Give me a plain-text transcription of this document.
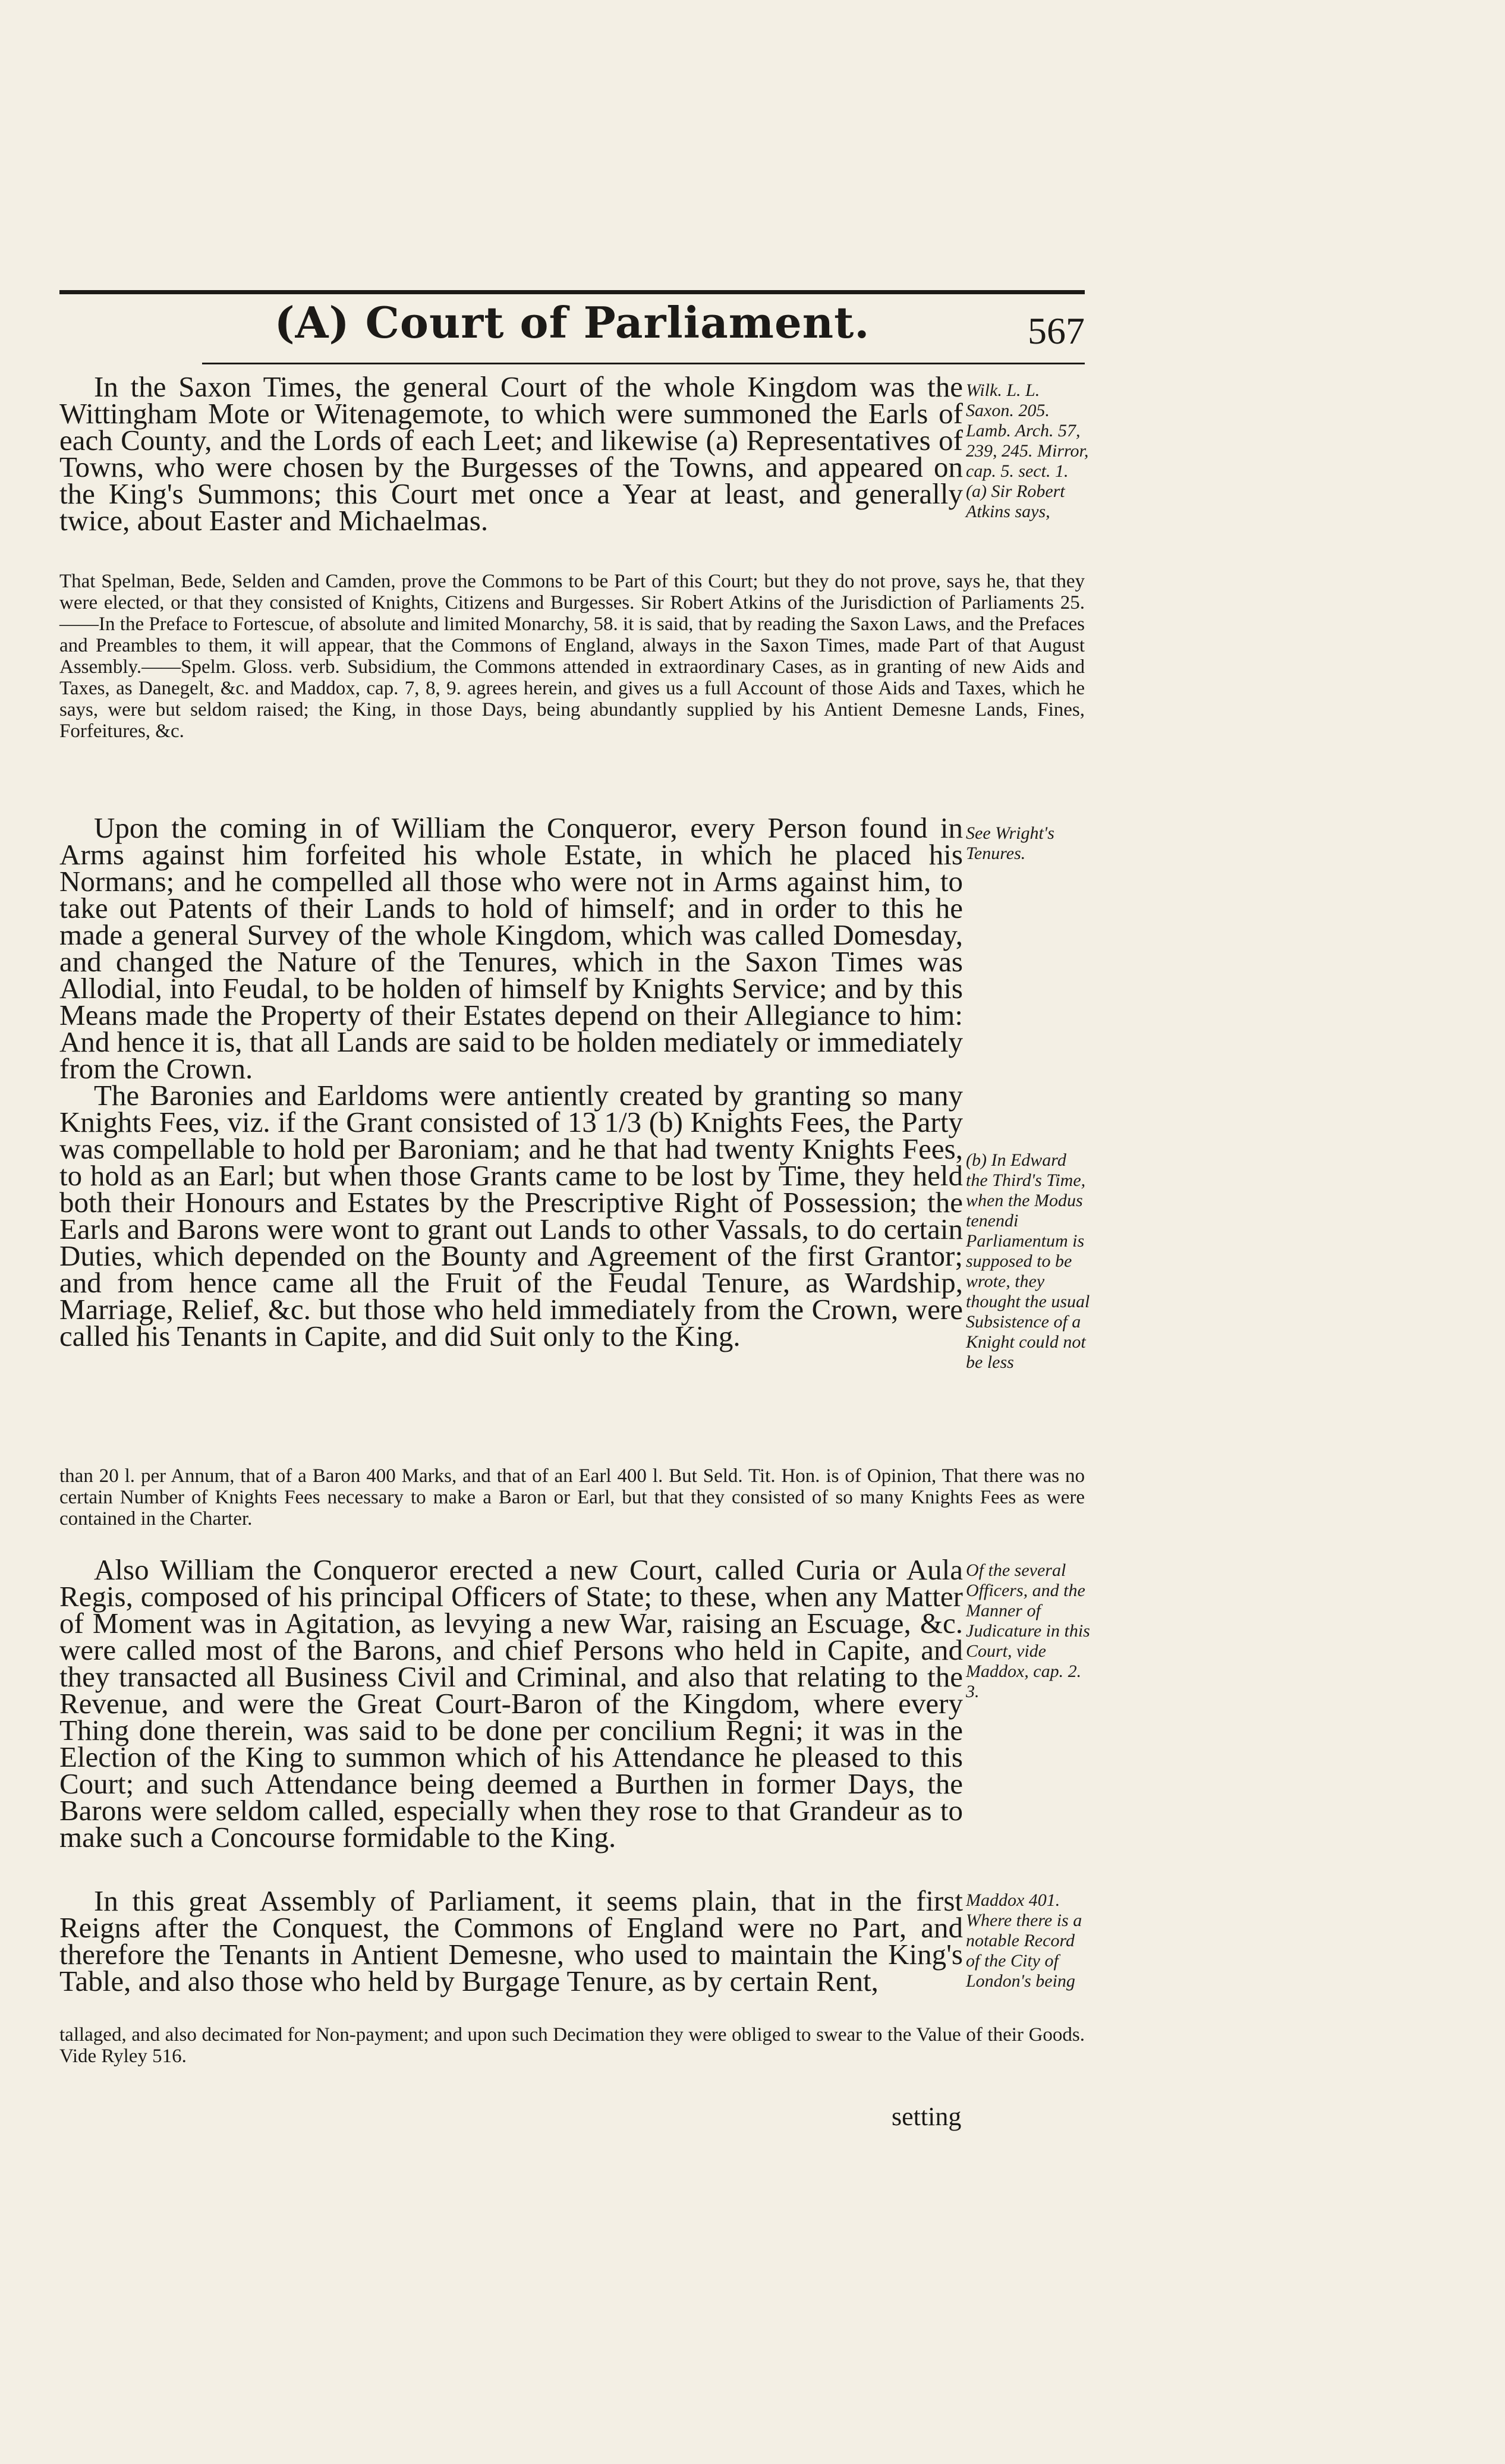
(A) Court of Parliament.	567

In the Saxon Times, the general Court of the whole Kingdom was the Wittingham Mote or Witenagemote, to which were summoned the Earls of each County, and the Lords of each Leet; and likewise (a) Representatives of Towns, who were chosen by the Burgesses of the Towns, and appeared on the King's Summons; this Court met once a Year at least, and generally twice, about Easter and Michaelmas.

That Spelman, Bede, Selden and Camden, prove the Commons to be Part of this Court; but they do not prove, says he, that they were elected, or that they consisted of Knights, Citizens and Burgesses. Sir Robert Atkins of the Jurisdiction of Parliaments 25.——In the Preface to Fortescue, of absolute and limited Monarchy, 58. it is said, that by reading the Saxon Laws, and the Prefaces and Preambles to them, it will appear, that the Commons of England, always in the Saxon Times, made Part of that August Assembly.——Spelm. Gloss. verb. Subsidium, the Commons attended in extraordinary Cases, as in granting of new Aids and Taxes, as Danegelt, &c. and Maddox, cap. 7, 8, 9. agrees herein, and gives us a full Account of those Aids and Taxes, which he says, were but seldom raised; the King, in those Days, being abundantly supplied by his Antient Demesne Lands, Fines, Forfeitures, &c.

Upon the coming in of William the Conqueror, every Person found in Arms against him forfeited his whole Estate, in which he placed his Normans; and he compelled all those who were not in Arms against him, to take out Patents of their Lands to hold of himself; and in order to this he made a general Survey of the whole Kingdom, which was called Domesday, and changed the Nature of the Tenures, which in the Saxon Times was Allodial, into Feudal, to be holden of himself by Knights Service; and by this Means made the Property of their Estates depend on their Allegiance to him: And hence it is, that all Lands are said to be holden mediately or immediately from the Crown.

The Baronies and Earldoms were antiently created by granting so many Knights Fees, viz. if the Grant consisted of 13 1/3 (b) Knights Fees, the Party was compellable to hold per Baroniam; and he that had twenty Knights Fees, to hold as an Earl; but when those Grants came to be lost by Time, they held both their Honours and Estates by the Prescriptive Right of Possession; the Earls and Barons were wont to grant out Lands to other Vassals, to do certain Duties, which depended on the Bounty and Agreement of the first Grantor; and from hence came all the Fruit of the Feudal Tenure, as Wardship, Marriage, Relief, &c. but those who held immediately from the Crown, were called his Tenants in Capite, and did Suit only to the King.

than 20 l. per Annum, that of a Baron 400 Marks, and that of an Earl 400 l. But Seld. Tit. Hon. is of Opinion, That there was no certain Number of Knights Fees necessary to make a Baron or Earl, but that they consisted of so many Knights Fees as were contained in the Charter.

Also William the Conqueror erected a new Court, called Curia or Aula Regis, composed of his principal Officers of State; to these, when any Matter of Moment was in Agitation, as levying a new War, raising an Escuage, &c. were called most of the Barons, and chief Persons who held in Capite, and they transacted all Business Civil and Criminal, and also that relating to the Revenue, and were the Great Court-Baron of the Kingdom, where every Thing done therein, was said to be done per concilium Regni; it was in the Election of the King to summon which of his Attendance he pleased to this Court; and such Attendance being deemed a Burthen in former Days, the Barons were seldom called, especially when they rose to that Grandeur as to make such a Concourse formidable to the King.

In this great Assembly of Parliament, it seems plain, that in the first Reigns after the Conquest, the Commons of England were no Part, and therefore the Tenants in Antient Demesne, who used to maintain the King's Table, and also those who held by Burgage Tenure, as by certain Rent,

tallaged, and also decimated for Non-payment; and upon such Decimation they were obliged to swear to the Value of their Goods. Vide Ryley 516.

Wilk. L. L. Saxon. 205. Lamb. Arch. 57, 239, 245. Mirror, cap. 5. sect. 1. (a) Sir Robert Atkins says,
See Wright's Tenures.
(b) In Edward the Third's Time, when the Modus tenendi Parliamentum is supposed to be wrote, they thought the usual Subsistence of a Knight could not be less
Of the several Officers, and the Manner of Judicature in this Court, vide Maddox, cap. 2. 3.
Maddox 401. Where there is a notable Record of the City of London's being
setting
